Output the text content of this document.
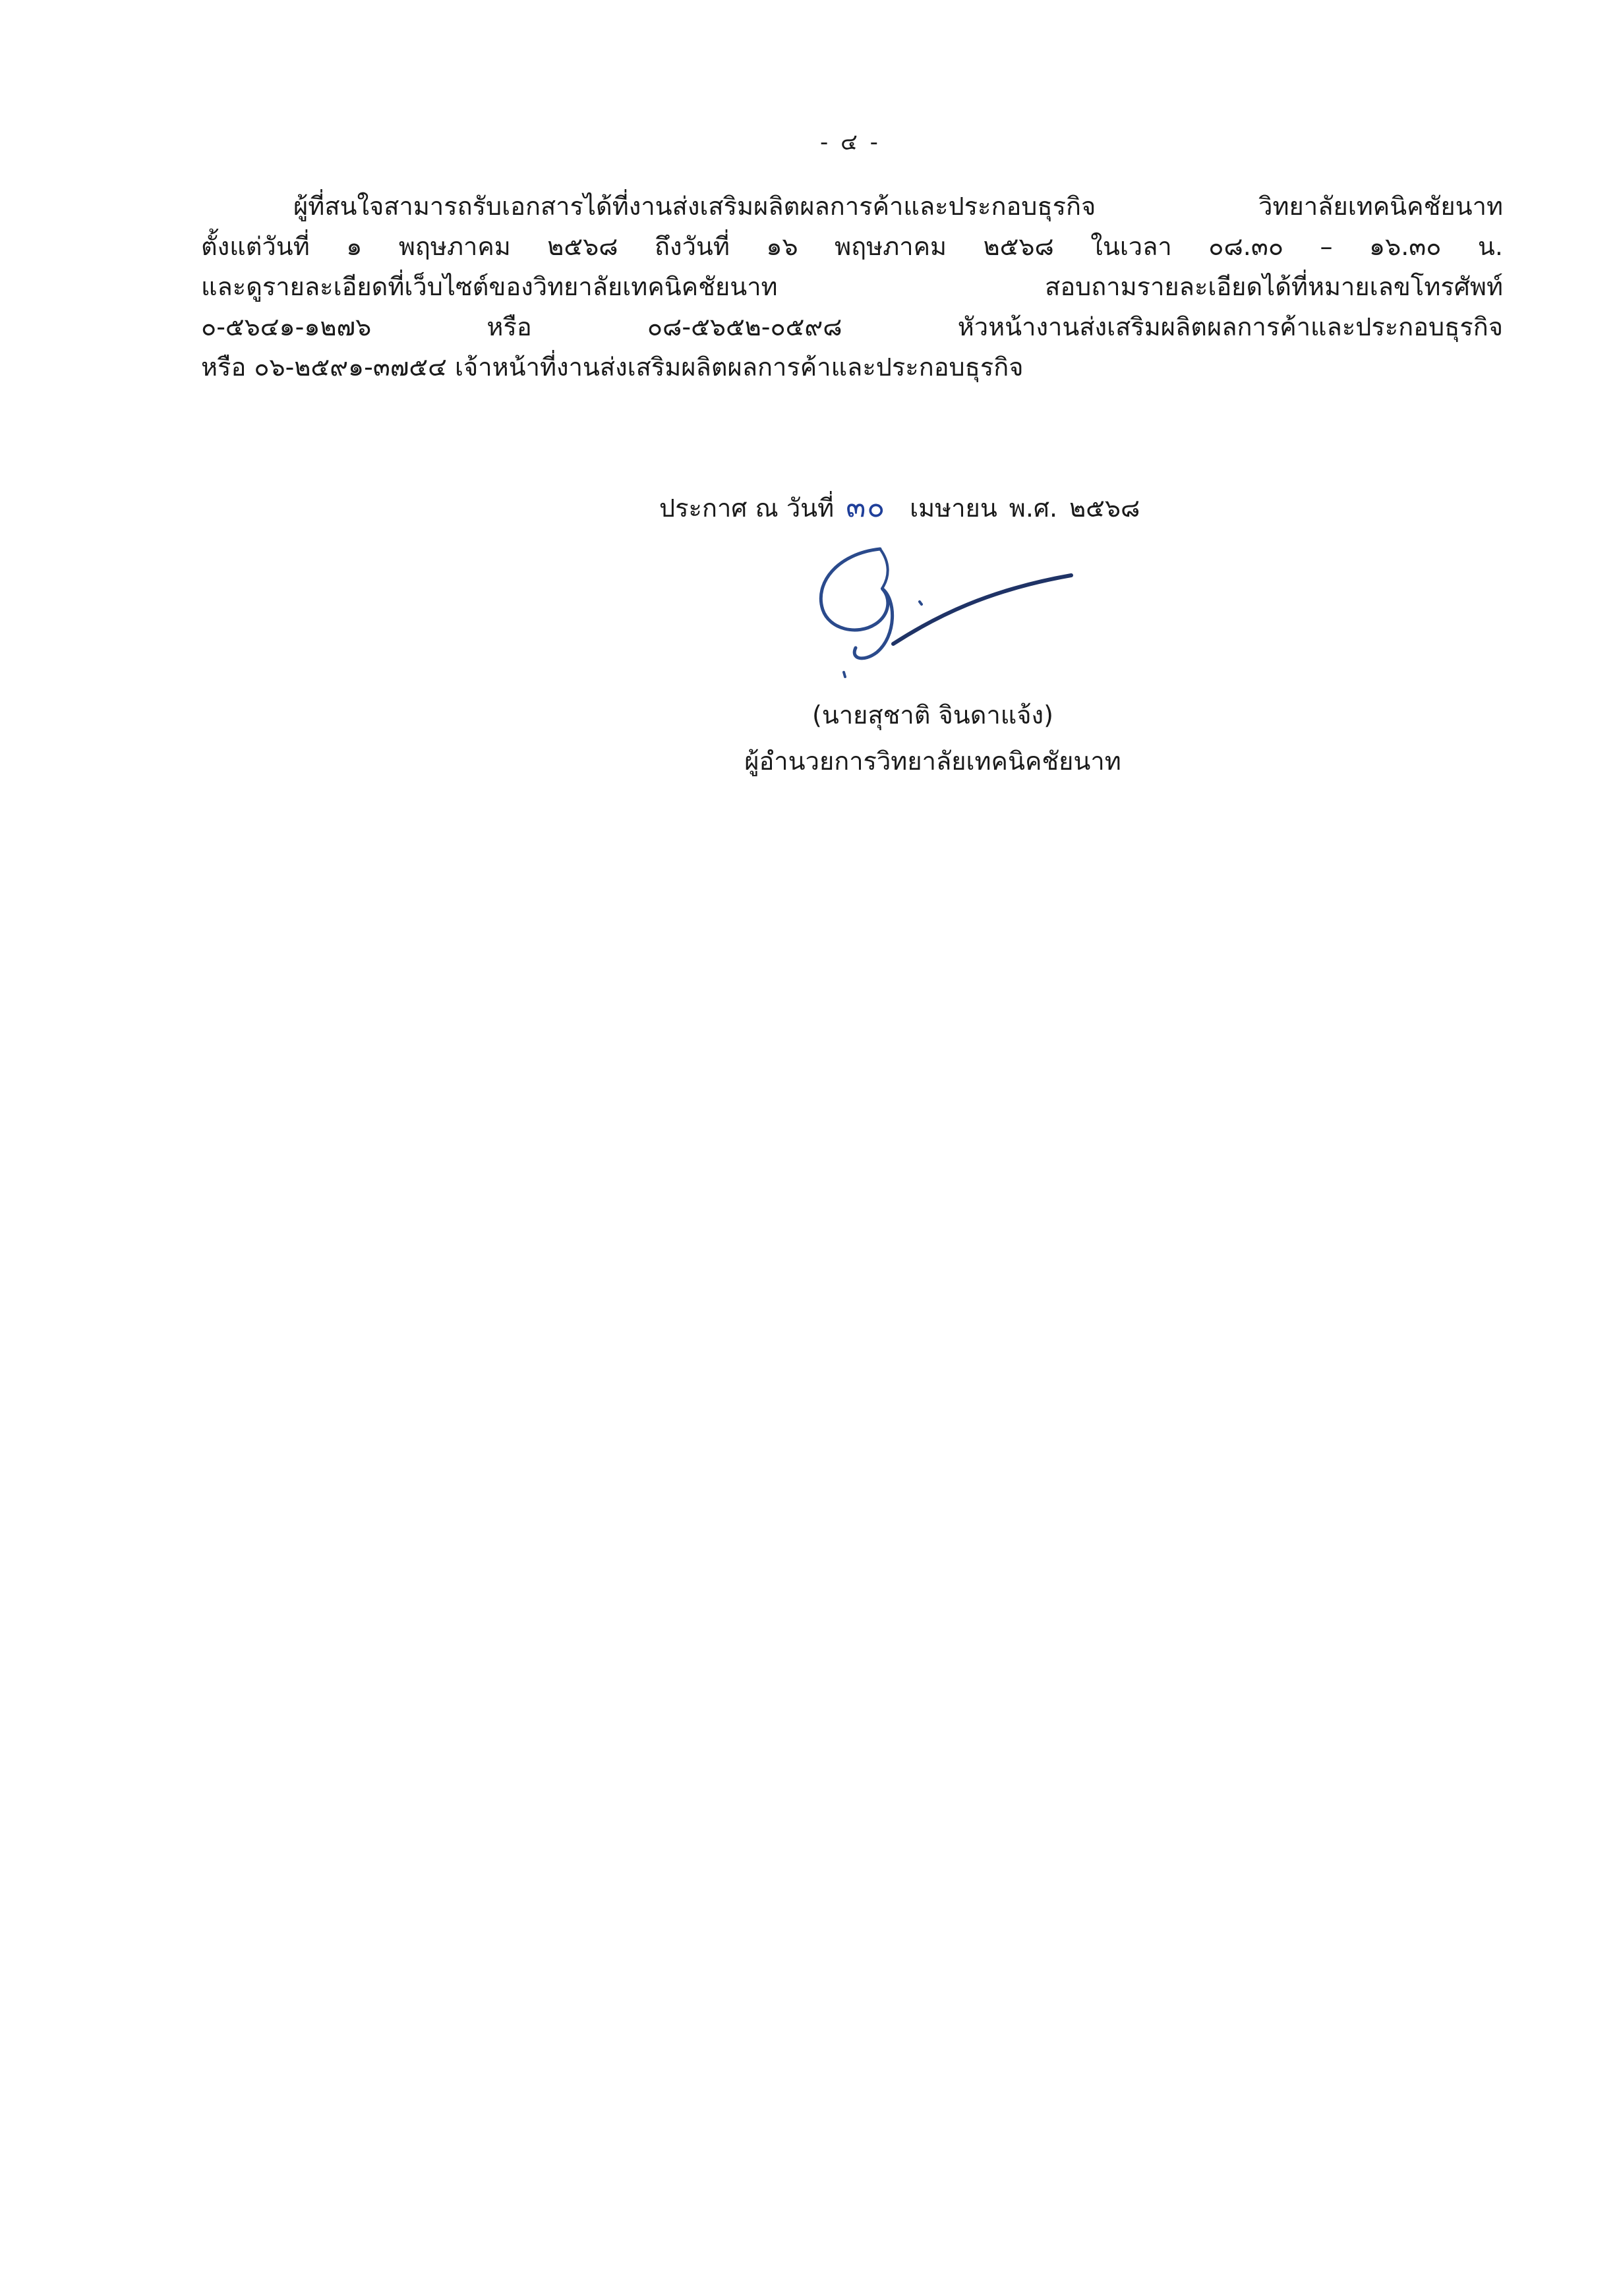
- ๔ -
ผู้ที่สนใจสามารถรับเอกสารได้ที่งานส่งเสริมผลิตผลการค้าและประกอบธุรกิจ วิทยาลัยเทคนิคชัยนาท
ตั้งแต่วันที่ ๑ พฤษภาคม ๒๕๖๘ ถึงวันที่ ๑๖ พฤษภาคม ๒๕๖๘ ในเวลา ๐๘.๓๐ – ๑๖.๓๐ น.
และดูรายละเอียดที่เว็บไซต์ของวิทยาลัยเทคนิคชัยนาท สอบถามรายละเอียดได้ที่หมายเลขโทรศัพท์
๐-๕๖๔๑-๑๒๗๖ หรือ ๐๘-๕๖๕๒-๐๕๙๘ หัวหน้างานส่งเสริมผลิตผลการค้าและประกอบธุรกิจ
หรือ ๐๖-๒๕๙๑-๓๗๕๔ เจ้าหน้าที่งานส่งเสริมผลิตผลการค้าและประกอบธุรกิจ
ประกาศ ณ วันที่ ๓๐ เมษายน พ.ศ. ๒๕๖๘
(นายสุชาติ จินดาแจ้ง)
ผู้อำนวยการวิทยาลัยเทคนิคชัยนาท
